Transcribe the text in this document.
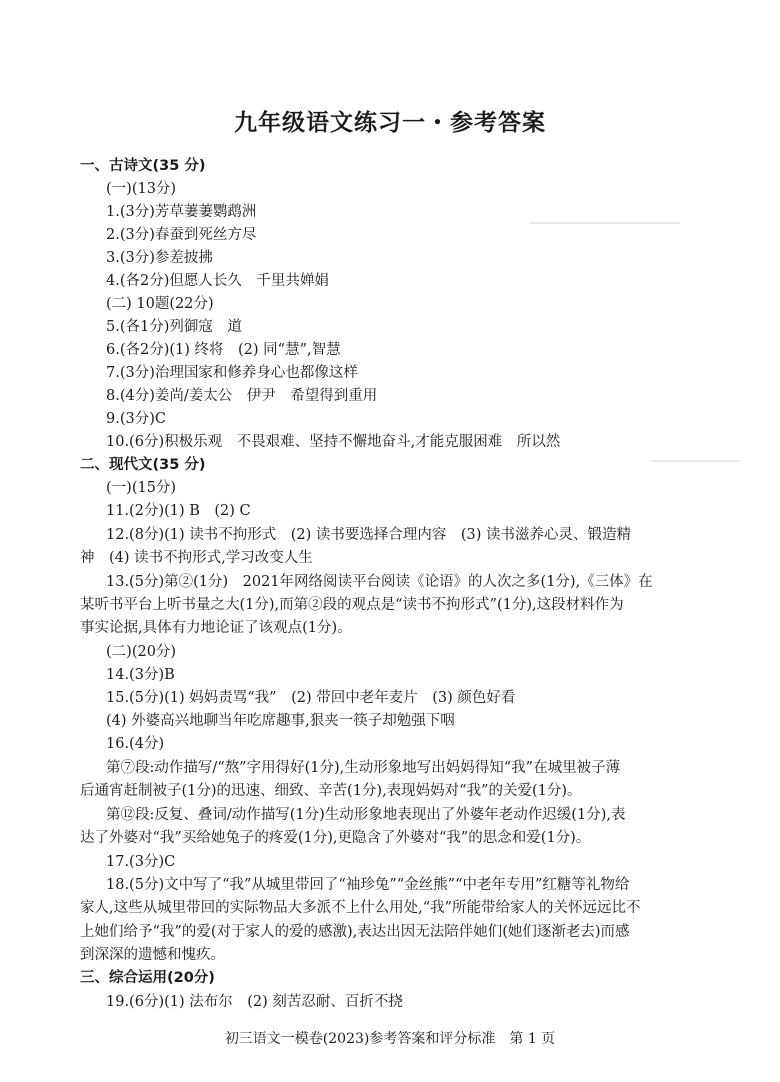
九年级语文练习一・参考答案
一、古诗文(35 分)
(一)(13分)
1.(3分)芳草萋萋鹦鹉洲
2.(3分)春蚕到死丝方尽
3.(3分)参差披拂
4.(各2分)但愿人长久　千里共婵娟
(二) 10题(22分)
5.(各1分)列御寇　道
6.(各2分)(1) 终将　(2) 同“慧”,智慧
7.(3分)治理国家和修养身心也都像这样
8.(4分)姜尚/姜太公　伊尹　希望得到重用
9.(3分)C
10.(6分)积极乐观　不畏艰难、坚持不懈地奋斗,才能克服困难　所以然
二、现代文(35 分)
(一)(15分)
11.(2分)(1) B　(2) C
12.(8分)(1) 读书不拘形式　(2) 读书要选择合理内容　(3) 读书滋养心灵、锻造精
神　(4) 读书不拘形式,学习改变人生
13.(5分)第②(1分)　2021年网络阅读平台阅读《论语》的人次之多(1分),《三体》在
某听书平台上听书量之大(1分),而第②段的观点是“读书不拘形式”(1分),这段材料作为
事实论据,具体有力地论证了该观点(1分)。
(二)(20分)
14.(3分)B
15.(5分)(1) 妈妈责骂“我”　(2) 带回中老年麦片　(3) 颜色好看
(4) 外婆高兴地聊当年吃席趣事,狠夹一筷子却勉强下咽
16.(4分)
第⑦段:动作描写/“熬”字用得好(1分),生动形象地写出妈妈得知“我”在城里被子薄
后通宵赶制被子(1分)的迅速、细致、辛苦(1分),表现妈妈对“我”的关爱(1分)。
第⑫段:反复、叠词/动作描写(1分)生动形象地表现出了外婆年老动作迟缓(1分),表
达了外婆对“我”买给她兔子的疼爱(1分),更隐含了外婆对“我”的思念和爱(1分)。
17.(3分)C
18.(5分)文中写了“我”从城里带回了“袖珍兔”“金丝熊”“中老年专用”红糖等礼物给
家人,这些从城里带回的实际物品大多派不上什么用处,“我”所能带给家人的关怀远远比不
上她们给予“我”的爱(对于家人的爱的感激),表达出因无法陪伴她们(她们逐渐老去)而感
到深深的遗憾和愧疚。
三、综合运用(20分)
19.(6分)(1) 法布尔　(2) 刻苦忍耐、百折不挠
初三语文一模卷(2023)参考答案和评分标准　第 1 页
